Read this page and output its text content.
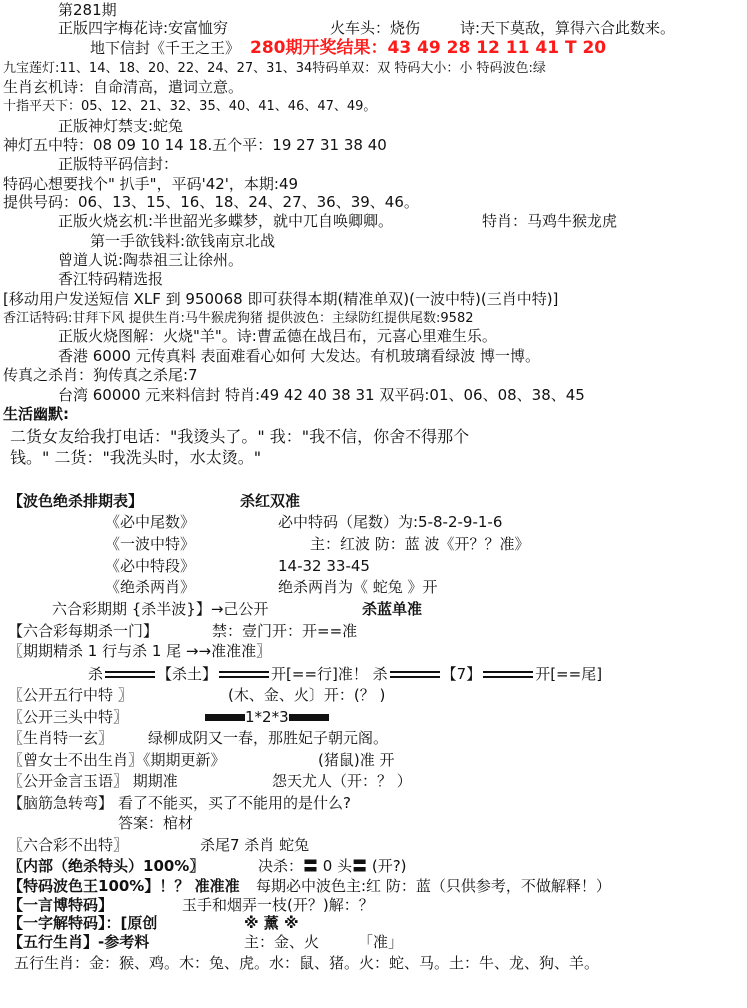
第281期
正版四字梅花诗:安富恤穷	火车头：烧伤	诗:天下莫敌，算得六合此数来。
地下信封《千王之王》 280期开奖结果：43 49 28 12 11 41 T 20
九宝莲灯:11、14、18、20、22、24、27、31、34特码单双：双 特码大小：小 特码波色:绿
生肖玄机诗：自命清高，遣词立意。
十指平天下：05、12、21、32、35、40、41、46、47、49。
正版神灯禁支:蛇兔
神灯五中特：08 09 10 14 18.五个平：19 27 31 38 40
正版特平码信封：
特码心想要找个" 扒手"，平码'42'，本期:49
提供号码：06、13、15、16、18、24、27、36、39、46。
正版火烧玄机:半世韶光多蝶梦，就中兀自唤卿卿。	特肖：马鸡牛猴龙虎
第一手欲钱料:欲钱南京北战
曾道人说:陶恭祖三让徐州。
香江特码精选报
[移动用户发送短信 XLF 到 950068 即可获得本期(精准单双)(一波中特)(三肖中特)]
香江话特码:甘拜下风 提供生肖:马牛猴虎狗猪 提供波色：主绿防红提供尾数:9582
正版火烧图解：火烧"羊"。诗:曹孟德在战吕布，元喜心里难生乐。
香港 6000 元传真料 表面难看心如何 大发达。有机玻璃看绿波 博一博。
传真之杀肖：狗传真之杀尾:7
台湾 60000 元来料信封 特肖:49 42 40 38 31 双平码:01、06、08、38、45
生活幽默:
二货女友给我打电话："我烫头了。" 我："我不信，你舍不得那个
钱。" 二货："我洗头时，水太烫。"
【波色绝杀排期表】	杀红双准
《必中尾数》	必中特码（尾数）为:5-8-2-9-1-6
《一波中特》	主：红波 防：蓝 波《开？？准》
《必中特段》	14-32 33-45
《绝杀两肖》	绝杀两肖为《 蛇兔 》开
六合彩期期 {杀半波}】→己公开	杀蓝单准
【六合彩每期杀一门】	禁：壹门开：开==准
〖期期精杀 1 行与杀 1 尾 →→准准准〗
杀	【杀土】	开[==行]准！ 杀	【7】	开[==尾]
〖公开五行中特 〗	(木、金、火〕开：(？ )
〖公开三头中特〗	1*2*3
〖生肖特一玄〗 绿柳成阴又一春，那胜妃子朝元阁。
〖曾女士不出生肖〗《期期更新》	(猪鼠)准 开
〖公开金言玉语〗 期期准	怨天尤人（开：？ ）
【脑筋急转弯】 看了不能买，买了不能用的是什么?
答案：棺材
〖六合彩不出特〗	杀尾7 杀肖 蛇兔
〖内部（绝杀特头）100%〗	决杀：〓 0 头〓 (开?)
【特码波色王100%】！？ 准准准 每期必中波色主:红 防：蓝（只供参考，不做解释！）
【一言博特码】	玉手和烟弄一枝(开？)解：？
【一字解特码】：[原创	※ 薰 ※
【五行生肖】-参考料	主：金、火	「准」
五行生肖：金：猴、鸡。木：兔、虎。水：鼠、猪。火：蛇、马。土：牛、龙、狗、羊。
